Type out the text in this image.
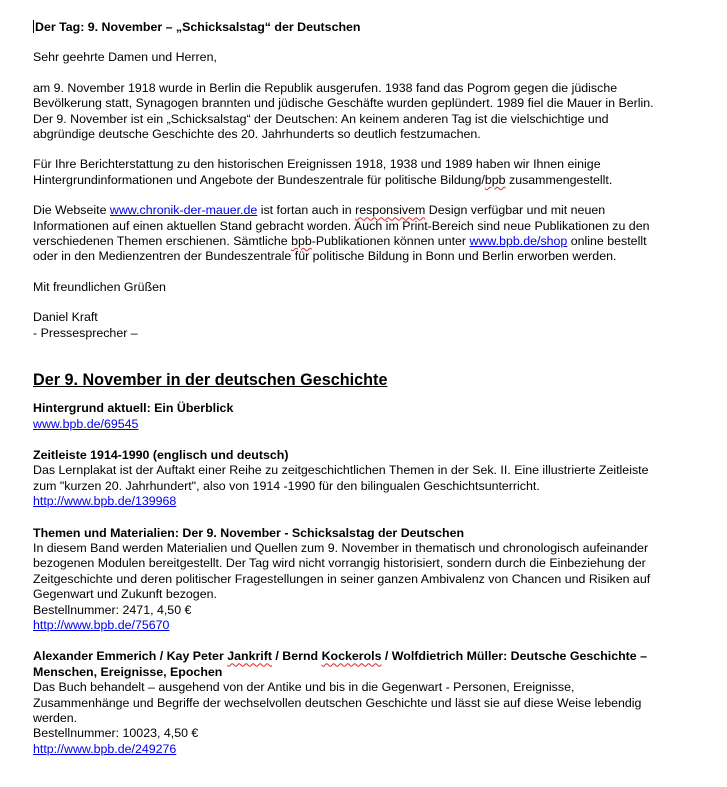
Der Tag: 9. November – „Schicksalstag“ der Deutschen

Sehr geehrte Damen und Herren,

am 9. November 1918 wurde in Berlin die Republik ausgerufen. 1938 fand das Pogrom gegen die jüdische Bevölkerung statt, Synagogen brannten und jüdische Geschäfte wurden geplündert. 1989 fiel die Mauer in Berlin. Der 9. November ist ein „Schicksalstag“ der Deutschen: An keinem anderen Tag ist die vielschichtige und abgründige deutsche Geschichte des 20. Jahrhunderts so deutlich festzumachen.

Für Ihre Berichterstattung zu den historischen Ereignissen 1918, 1938 und 1989 haben wir Ihnen einige Hintergrundinformationen und Angebote der Bundeszentrale für politische Bildung/bpb zusammengestellt.

Die Webseite www.chronik-der-mauer.de ist fortan auch in responsivem Design verfügbar und mit neuen Informationen auf einen aktuellen Stand gebracht worden. Auch im Print-Bereich sind neue Publikationen zu den verschiedenen Themen erschienen. Sämtliche bpb-Publikationen können unter www.bpb.de/shop online bestellt oder in den Medienzentren der Bundeszentrale für politische Bildung in Bonn und Berlin erworben werden.

Mit freundlichen Grüßen

Daniel Kraft

- Pressesprecher –

Der 9. November in der deutschen Geschichte

Hintergrund aktuell: Ein Überblick

www.bpb.de/69545

Zeitleiste 1914-1990 (englisch und deutsch)

Das Lernplakat ist der Auftakt einer Reihe zu zeitgeschichtlichen Themen in der Sek. II. Eine illustrierte Zeitleiste zum "kurzen 20. Jahrhundert", also von 1914 -1990 für den bilingualen Geschichtsunterricht.

http://www.bpb.de/139968

Themen und Materialien: Der 9. November - Schicksalstag der Deutschen

In diesem Band werden Materialien und Quellen zum 9. November in thematisch und chronologisch aufeinander bezogenen Modulen bereitgestellt. Der Tag wird nicht vorrangig historisiert, sondern durch die Einbeziehung der Zeitgeschichte und deren politischer Fragestellungen in seiner ganzen Ambivalenz von Chancen und Risiken auf Gegenwart und Zukunft bezogen.

Bestellnummer: 2471, 4,50 €

http://www.bpb.de/75670

Alexander Emmerich / Kay Peter Jankrift / Bernd Kockerols / Wolfdietrich Müller: Deutsche Geschichte – Menschen, Ereignisse, Epochen

Das Buch behandelt – ausgehend von der Antike und bis in die Gegenwart - Personen, Ereignisse, Zusammenhänge und Begriffe der wechselvollen deutschen Geschichte und lässt sie auf diese Weise lebendig werden.

Bestellnummer: 10023, 4,50 €

http://www.bpb.de/249276
